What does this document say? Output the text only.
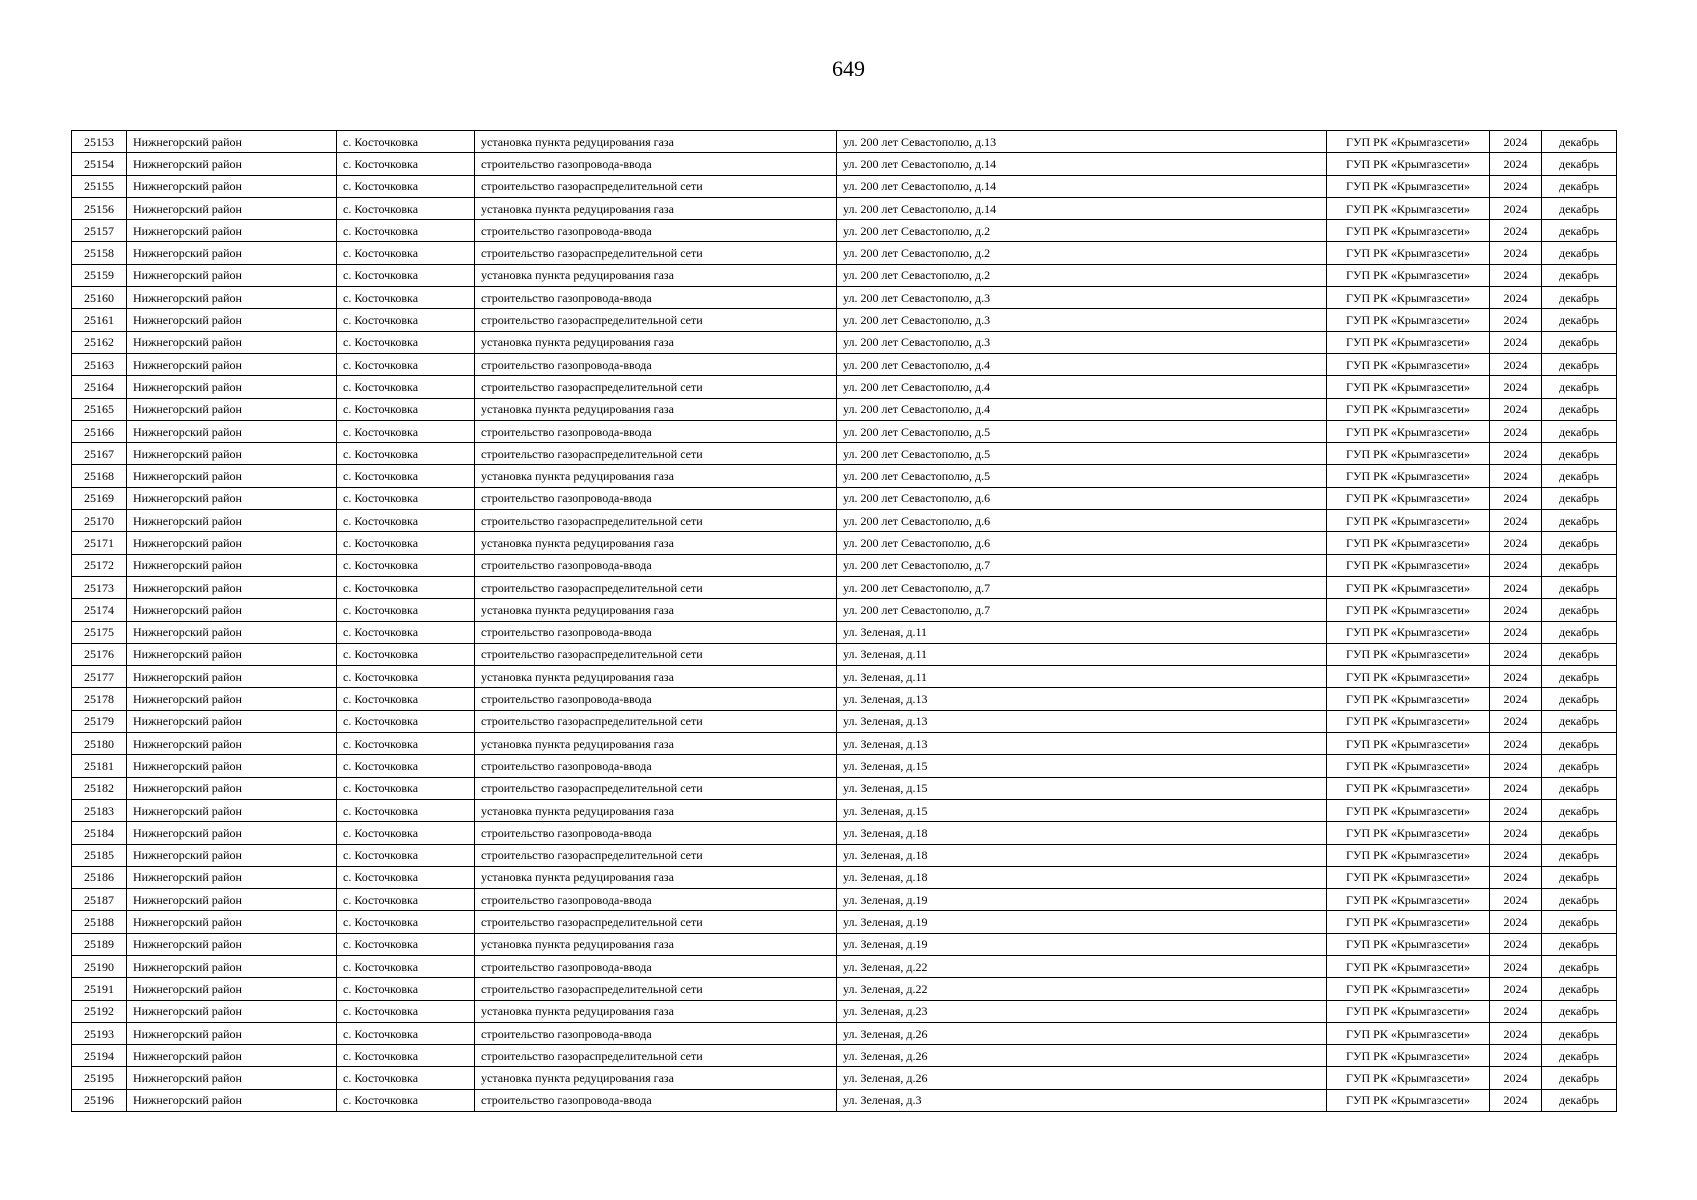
649
25153	Нижнегорский район	с. Косточковка	установка пункта редуцирования газа	ул. 200 лет Севастополю, д.13	ГУП РК «Крымгазсети»	2024	декабрь
25154	Нижнегорский район	с. Косточковка	строительство газопровода-ввода	ул. 200 лет Севастополю, д.14	ГУП РК «Крымгазсети»	2024	декабрь
25155	Нижнегорский район	с. Косточковка	строительство газораспределительной сети	ул. 200 лет Севастополю, д.14	ГУП РК «Крымгазсети»	2024	декабрь
25156	Нижнегорский район	с. Косточковка	установка пункта редуцирования газа	ул. 200 лет Севастополю, д.14	ГУП РК «Крымгазсети»	2024	декабрь
25157	Нижнегорский район	с. Косточковка	строительство газопровода-ввода	ул. 200 лет Севастополю, д.2	ГУП РК «Крымгазсети»	2024	декабрь
25158	Нижнегорский район	с. Косточковка	строительство газораспределительной сети	ул. 200 лет Севастополю, д.2	ГУП РК «Крымгазсети»	2024	декабрь
25159	Нижнегорский район	с. Косточковка	установка пункта редуцирования газа	ул. 200 лет Севастополю, д.2	ГУП РК «Крымгазсети»	2024	декабрь
25160	Нижнегорский район	с. Косточковка	строительство газопровода-ввода	ул. 200 лет Севастополю, д.3	ГУП РК «Крымгазсети»	2024	декабрь
25161	Нижнегорский район	с. Косточковка	строительство газораспределительной сети	ул. 200 лет Севастополю, д.3	ГУП РК «Крымгазсети»	2024	декабрь
25162	Нижнегорский район	с. Косточковка	установка пункта редуцирования газа	ул. 200 лет Севастополю, д.3	ГУП РК «Крымгазсети»	2024	декабрь
25163	Нижнегорский район	с. Косточковка	строительство газопровода-ввода	ул. 200 лет Севастополю, д.4	ГУП РК «Крымгазсети»	2024	декабрь
25164	Нижнегорский район	с. Косточковка	строительство газораспределительной сети	ул. 200 лет Севастополю, д.4	ГУП РК «Крымгазсети»	2024	декабрь
25165	Нижнегорский район	с. Косточковка	установка пункта редуцирования газа	ул. 200 лет Севастополю, д.4	ГУП РК «Крымгазсети»	2024	декабрь
25166	Нижнегорский район	с. Косточковка	строительство газопровода-ввода	ул. 200 лет Севастополю, д.5	ГУП РК «Крымгазсети»	2024	декабрь
25167	Нижнегорский район	с. Косточковка	строительство газораспределительной сети	ул. 200 лет Севастополю, д.5	ГУП РК «Крымгазсети»	2024	декабрь
25168	Нижнегорский район	с. Косточковка	установка пункта редуцирования газа	ул. 200 лет Севастополю, д.5	ГУП РК «Крымгазсети»	2024	декабрь
25169	Нижнегорский район	с. Косточковка	строительство газопровода-ввода	ул. 200 лет Севастополю, д.6	ГУП РК «Крымгазсети»	2024	декабрь
25170	Нижнегорский район	с. Косточковка	строительство газораспределительной сети	ул. 200 лет Севастополю, д.6	ГУП РК «Крымгазсети»	2024	декабрь
25171	Нижнегорский район	с. Косточковка	установка пункта редуцирования газа	ул. 200 лет Севастополю, д.6	ГУП РК «Крымгазсети»	2024	декабрь
25172	Нижнегорский район	с. Косточковка	строительство газопровода-ввода	ул. 200 лет Севастополю, д.7	ГУП РК «Крымгазсети»	2024	декабрь
25173	Нижнегорский район	с. Косточковка	строительство газораспределительной сети	ул. 200 лет Севастополю, д.7	ГУП РК «Крымгазсети»	2024	декабрь
25174	Нижнегорский район	с. Косточковка	установка пункта редуцирования газа	ул. 200 лет Севастополю, д.7	ГУП РК «Крымгазсети»	2024	декабрь
25175	Нижнегорский район	с. Косточковка	строительство газопровода-ввода	ул. Зеленая, д.11	ГУП РК «Крымгазсети»	2024	декабрь
25176	Нижнегорский район	с. Косточковка	строительство газораспределительной сети	ул. Зеленая, д.11	ГУП РК «Крымгазсети»	2024	декабрь
25177	Нижнегорский район	с. Косточковка	установка пункта редуцирования газа	ул. Зеленая, д.11	ГУП РК «Крымгазсети»	2024	декабрь
25178	Нижнегорский район	с. Косточковка	строительство газопровода-ввода	ул. Зеленая, д.13	ГУП РК «Крымгазсети»	2024	декабрь
25179	Нижнегорский район	с. Косточковка	строительство газораспределительной сети	ул. Зеленая, д.13	ГУП РК «Крымгазсети»	2024	декабрь
25180	Нижнегорский район	с. Косточковка	установка пункта редуцирования газа	ул. Зеленая, д.13	ГУП РК «Крымгазсети»	2024	декабрь
25181	Нижнегорский район	с. Косточковка	строительство газопровода-ввода	ул. Зеленая, д.15	ГУП РК «Крымгазсети»	2024	декабрь
25182	Нижнегорский район	с. Косточковка	строительство газораспределительной сети	ул. Зеленая, д.15	ГУП РК «Крымгазсети»	2024	декабрь
25183	Нижнегорский район	с. Косточковка	установка пункта редуцирования газа	ул. Зеленая, д.15	ГУП РК «Крымгазсети»	2024	декабрь
25184	Нижнегорский район	с. Косточковка	строительство газопровода-ввода	ул. Зеленая, д.18	ГУП РК «Крымгазсети»	2024	декабрь
25185	Нижнегорский район	с. Косточковка	строительство газораспределительной сети	ул. Зеленая, д.18	ГУП РК «Крымгазсети»	2024	декабрь
25186	Нижнегорский район	с. Косточковка	установка пункта редуцирования газа	ул. Зеленая, д.18	ГУП РК «Крымгазсети»	2024	декабрь
25187	Нижнегорский район	с. Косточковка	строительство газопровода-ввода	ул. Зеленая, д.19	ГУП РК «Крымгазсети»	2024	декабрь
25188	Нижнегорский район	с. Косточковка	строительство газораспределительной сети	ул. Зеленая, д.19	ГУП РК «Крымгазсети»	2024	декабрь
25189	Нижнегорский район	с. Косточковка	установка пункта редуцирования газа	ул. Зеленая, д.19	ГУП РК «Крымгазсети»	2024	декабрь
25190	Нижнегорский район	с. Косточковка	строительство газопровода-ввода	ул. Зеленая, д.22	ГУП РК «Крымгазсети»	2024	декабрь
25191	Нижнегорский район	с. Косточковка	строительство газораспределительной сети	ул. Зеленая, д.22	ГУП РК «Крымгазсети»	2024	декабрь
25192	Нижнегорский район	с. Косточковка	установка пункта редуцирования газа	ул. Зеленая, д.23	ГУП РК «Крымгазсети»	2024	декабрь
25193	Нижнегорский район	с. Косточковка	строительство газопровода-ввода	ул. Зеленая, д.26	ГУП РК «Крымгазсети»	2024	декабрь
25194	Нижнегорский район	с. Косточковка	строительство газораспределительной сети	ул. Зеленая, д.26	ГУП РК «Крымгазсети»	2024	декабрь
25195	Нижнегорский район	с. Косточковка	установка пункта редуцирования газа	ул. Зеленая, д.26	ГУП РК «Крымгазсети»	2024	декабрь
25196	Нижнегорский район	с. Косточковка	строительство газопровода-ввода	ул. Зеленая, д.3	ГУП РК «Крымгазсети»	2024	декабрь
